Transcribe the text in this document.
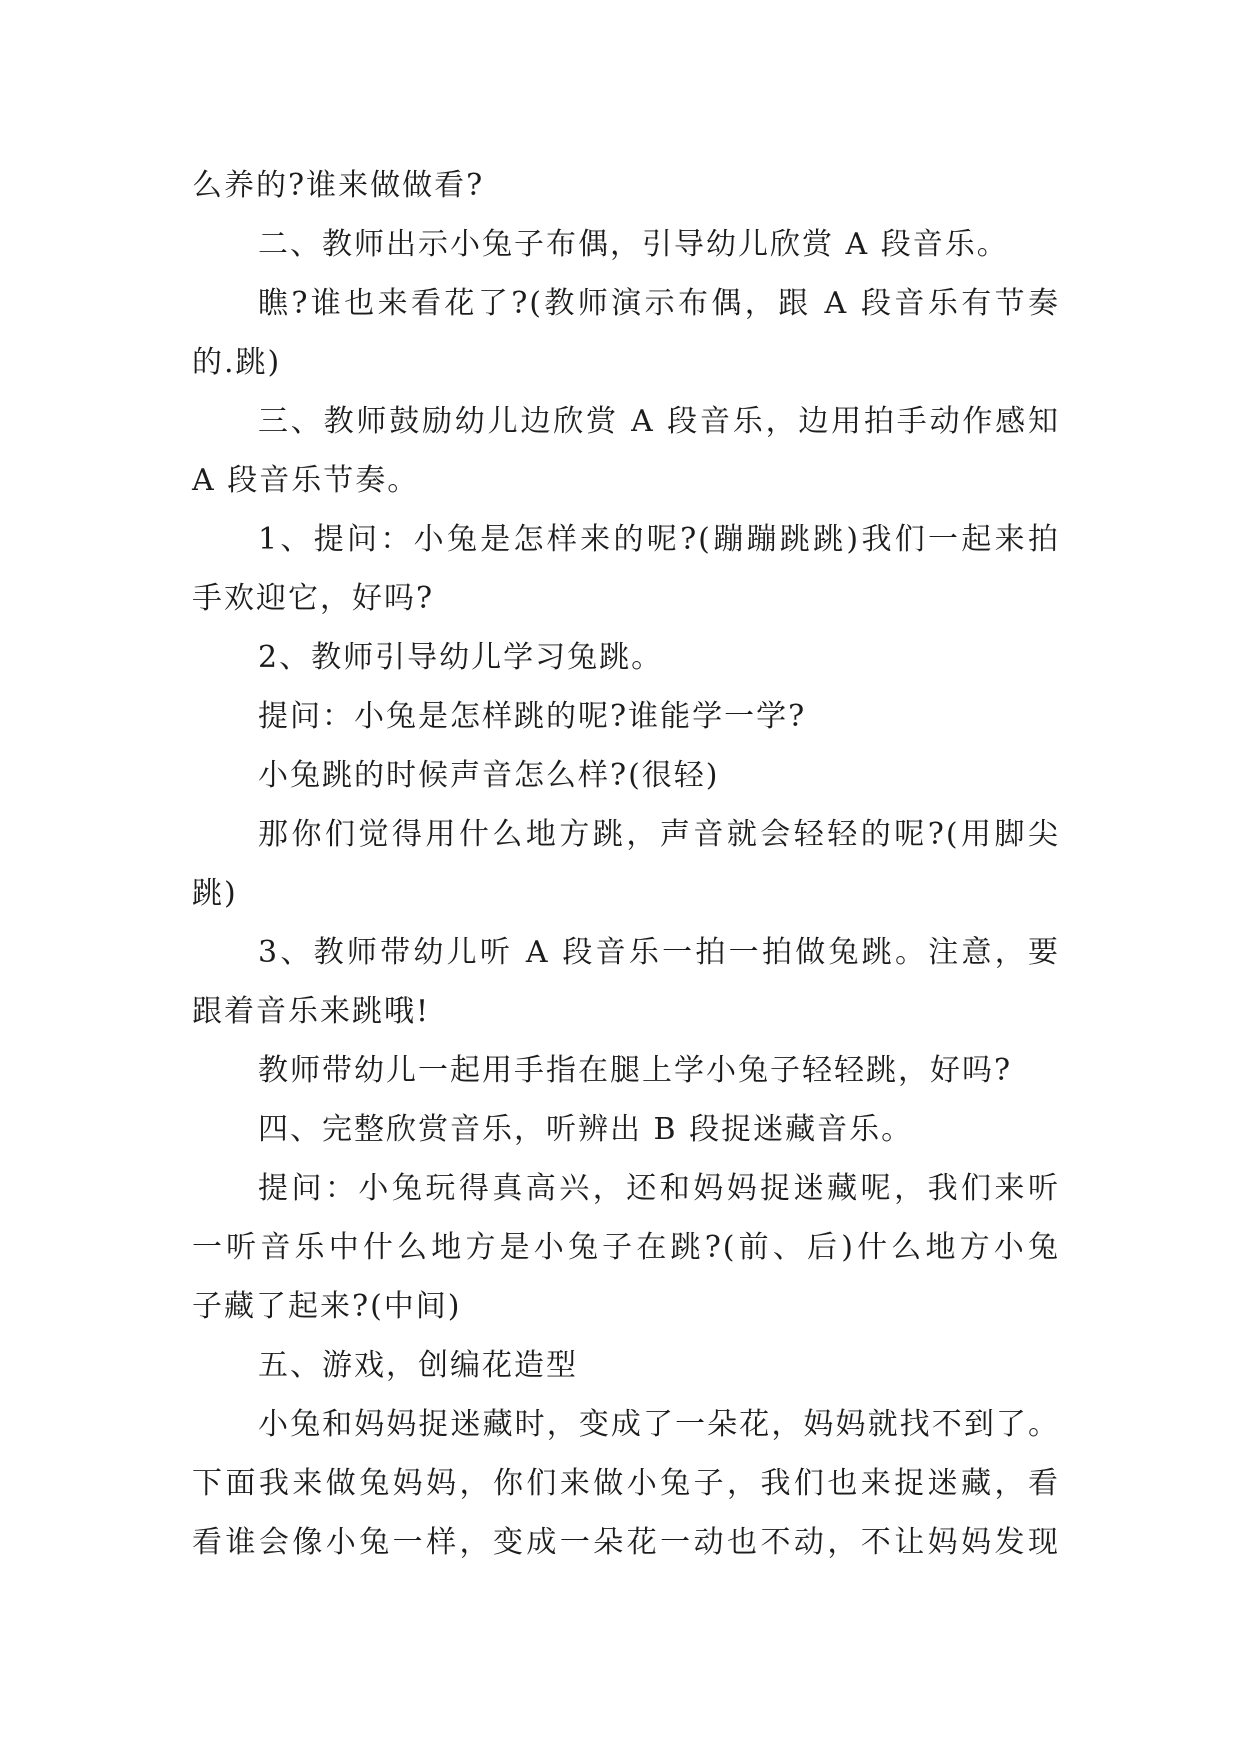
么养的?谁来做做看?
二、教师出示小兔子布偶，引导幼儿欣赏 A 段音乐。
瞧?谁也来看花了?(教师演示布偶，跟 A 段音乐有节奏
的.跳)
三、教师鼓励幼儿边欣赏 A 段音乐，边用拍手动作感知
A 段音乐节奏。
1、提问：小兔是怎样来的呢?(蹦蹦跳跳)我们一起来拍
手欢迎它，好吗?
2、教师引导幼儿学习兔跳。
提问：小兔是怎样跳的呢?谁能学一学?
小兔跳的时候声音怎么样?(很轻)
那你们觉得用什么地方跳，声音就会轻轻的呢?(用脚尖
跳)
3、教师带幼儿听 A 段音乐一拍一拍做兔跳。注意，要
跟着音乐来跳哦!
教师带幼儿一起用手指在腿上学小兔子轻轻跳，好吗?
四、完整欣赏音乐，听辨出 B 段捉迷藏音乐。
提问：小兔玩得真高兴，还和妈妈捉迷藏呢，我们来听
一听音乐中什么地方是小兔子在跳?(前、后)什么地方小兔
子藏了起来?(中间)
五、游戏，创编花造型
小兔和妈妈捉迷藏时，变成了一朵花，妈妈就找不到了。
下面我来做兔妈妈，你们来做小兔子，我们也来捉迷藏，看
看谁会像小兔一样，变成一朵花一动也不动，不让妈妈发现
